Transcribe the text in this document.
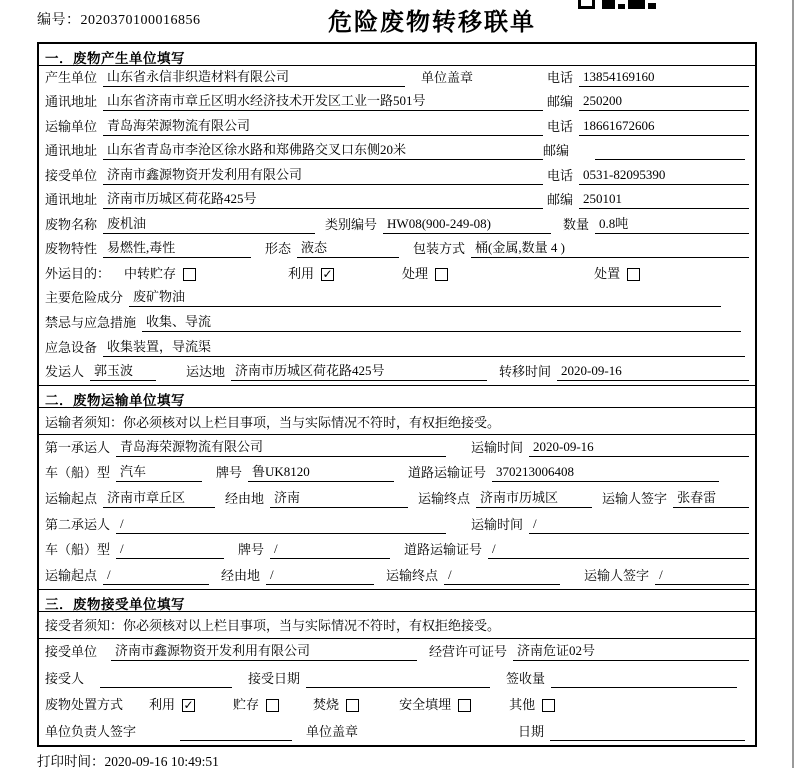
编号：2020370100016856	危险废物转移联单
一．废物产生单位填写
产生单位 山东省永信非织造材料有限公司	单位盖章	电话 13854169160
通讯地址 山东省济南市章丘区明水经济技术开发区工业一路501号	邮编 250200
运输单位 青岛海荣源物流有限公司	电话 18661672606
通讯地址 山东省青岛市李沧区徐水路和郑佛路交叉口东侧20米	邮编
接受单位 济南市鑫源物资开发利用有限公司	电话 0531-82095390
通讯地址 济南市历城区荷花路425号	邮编 250101
废物名称 废机油	类别编号 HW08(900-249-08)	数量 0.8吨
废物特性 易燃性,毒性	形态 液态	包装方式 桶(金属,数量 4 )
外运目的： 中转贮存	利用 ✓	处理	处置
主要危险成分 废矿物油
禁忌与应急措施 收集、导流
应急设备 收集装置，导流渠
发运人 郭玉波	运达地 济南市历城区荷花路425号	转移时间 2020-09-16
二．废物运输单位填写
运输者须知：你必须核对以上栏目事项，当与实际情况不符时，有权拒绝接受。
第一承运人 青岛海荣源物流有限公司	运输时间 2020-09-16
车（船）型 汽车	牌号 鲁UK8120	道路运输证号 370213006408
运输起点 济南市章丘区	经由地 济南	运输终点 济南市历城区	运输人签字 张春雷
第二承运人 /	运输时间 /
车（船）型 /	牌号 /	道路运输证号 /
运输起点 /	经由地 /	运输终点 /	运输人签字 /
三．废物接受单位填写
接受者须知：你必须核对以上栏目事项，当与实际情况不符时，有权拒绝接受。
接受单位	济南市鑫源物资开发利用有限公司	经营许可证号 济南危证02号
接受人	接受日期	签收量
废物处置方式 利用 ✓	贮存	焚烧	安全填埋	其他
单位负责人签字	单位盖章	日期
打印时间：2020-09-16 10:49:51
